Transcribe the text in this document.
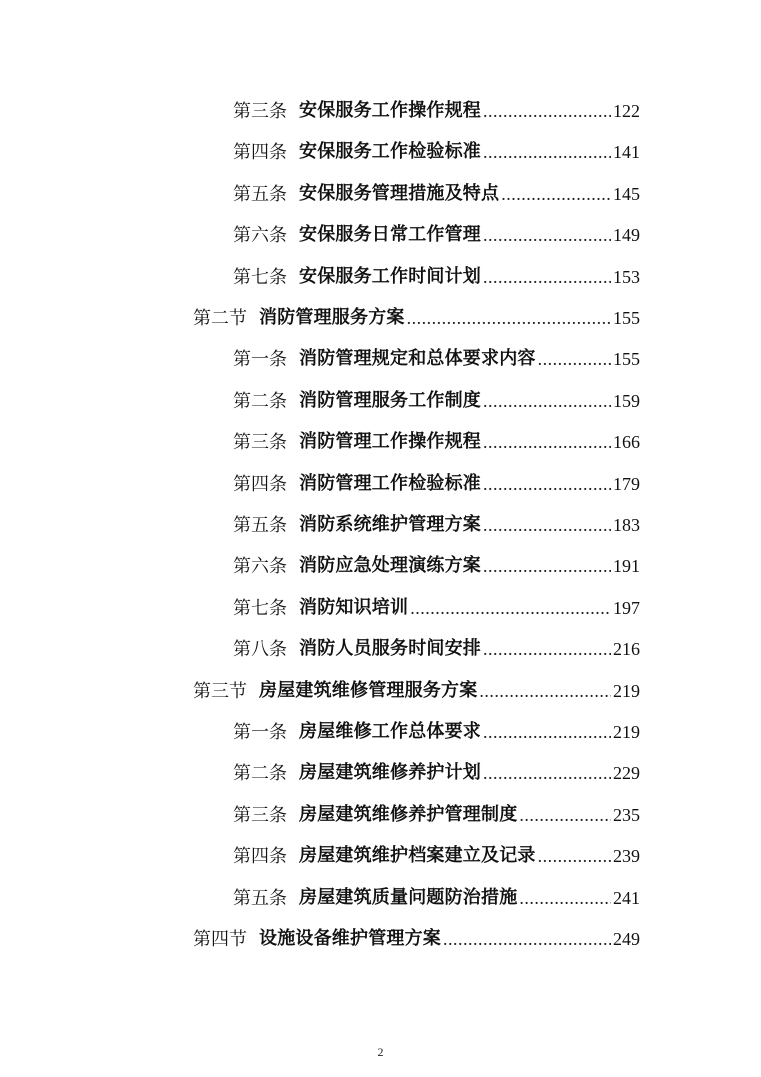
第三条 安保服务工作操作规程 .....	122
第四条 安保服务工作检验标准 .....	141
第五条 安保服务管理措施及特点 .....	145
第六条 安保服务日常工作管理 .....	149
第七条 安保服务工作时间计划 .....	153
第二节 消防管理服务方案 .....	155
第一条 消防管理规定和总体要求内容 .....	155
第二条 消防管理服务工作制度 .....	159
第三条 消防管理工作操作规程 .....	166
第四条 消防管理工作检验标准 .....	179
第五条 消防系统维护管理方案 .....	183
第六条 消防应急处理演练方案 .....	191
第七条 消防知识培训 .....	197
第八条 消防人员服务时间安排 .....	216
第三节 房屋建筑维修管理服务方案 .....	219
第一条 房屋维修工作总体要求 .....	219
第二条 房屋建筑维修养护计划 .....	229
第三条 房屋建筑维修养护管理制度 .....	235
第四条 房屋建筑维护档案建立及记录 .....	239
第五条 房屋建筑质量问题防治措施 .....	241
第四节 设施设备维护管理方案 .....	249
2
